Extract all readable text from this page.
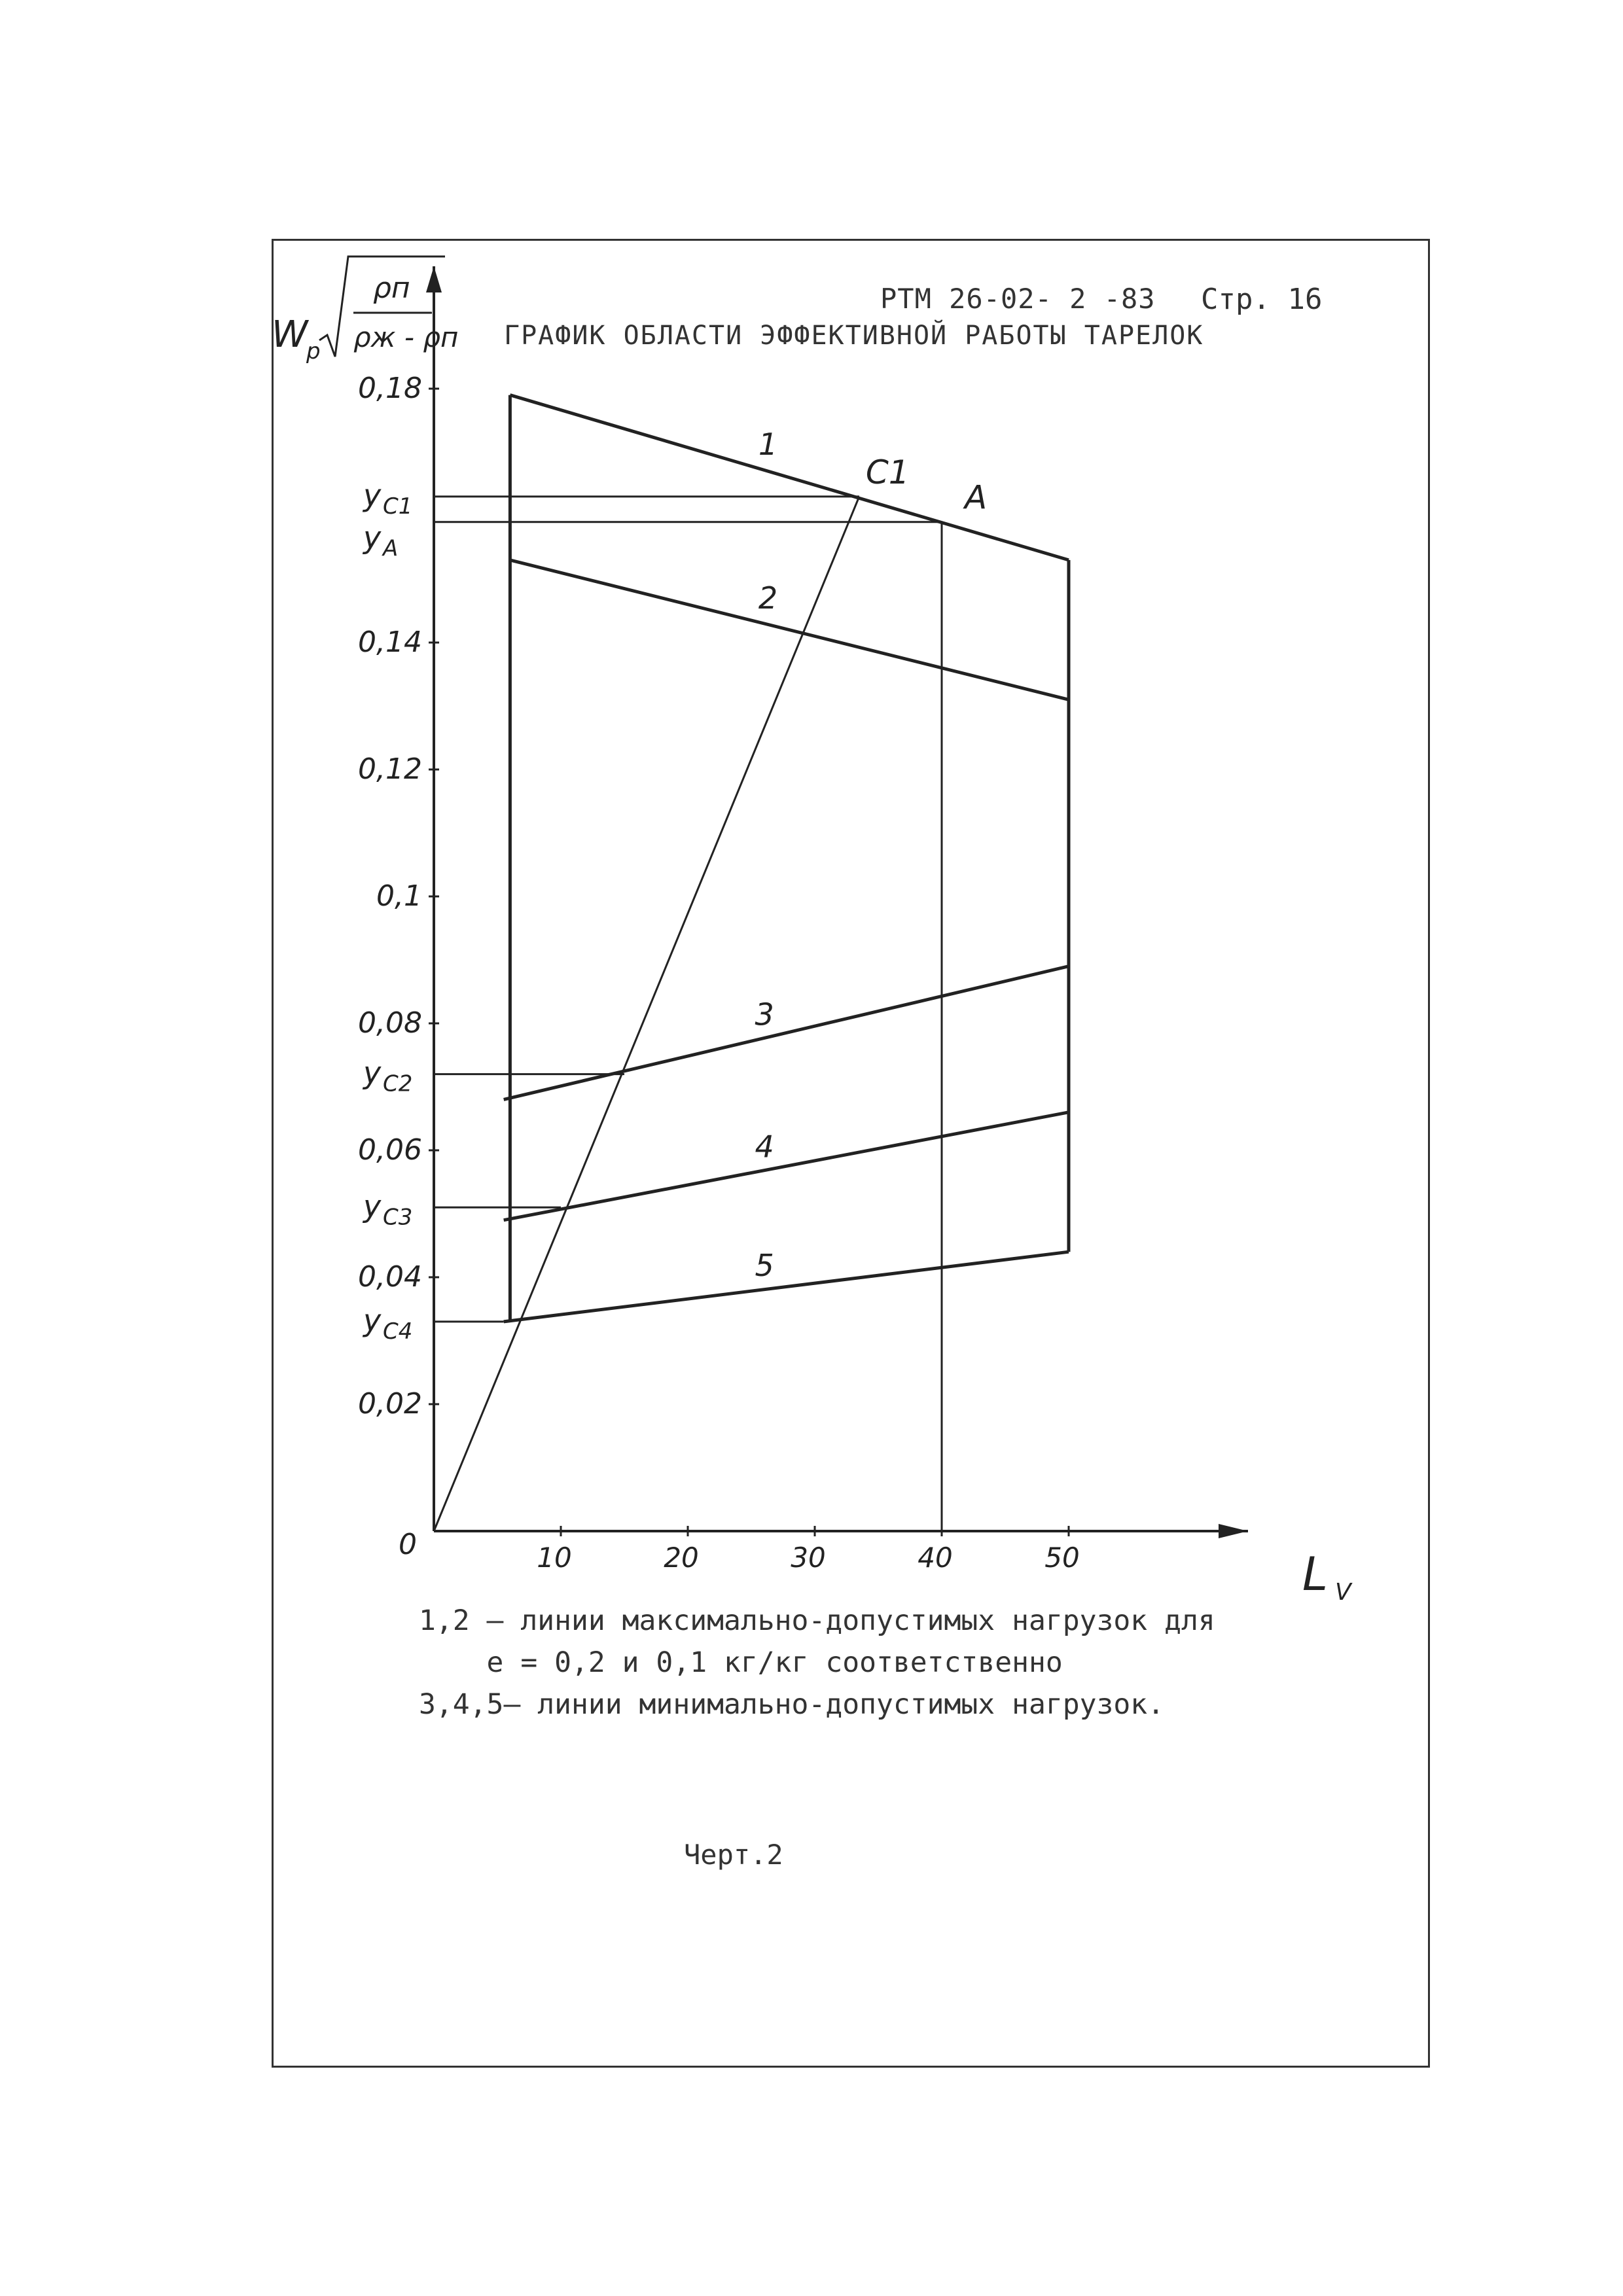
РТМ 26-02- 2 -83 Стр. 16
ГРАФИК ОБЛАСТИ ЭФФЕКТИВНОЙ РАБОТЫ ТАРЕЛОК
10	20	30	40	50
0,02
0,04
0,06
0,08
0,1
0,12
0,14
0,18
0
W
p
ρп
ρж - ρп
L V
y C1
y A
y C2
y C3
y C4
1
2
3
4
5
C1
A
1,2 – линии максимально-допустимых нагрузок для
е = 0,2 и 0,1 кг/кг соответственно
3,4,5– линии минимально-допустимых нагрузок.
Черт.2
